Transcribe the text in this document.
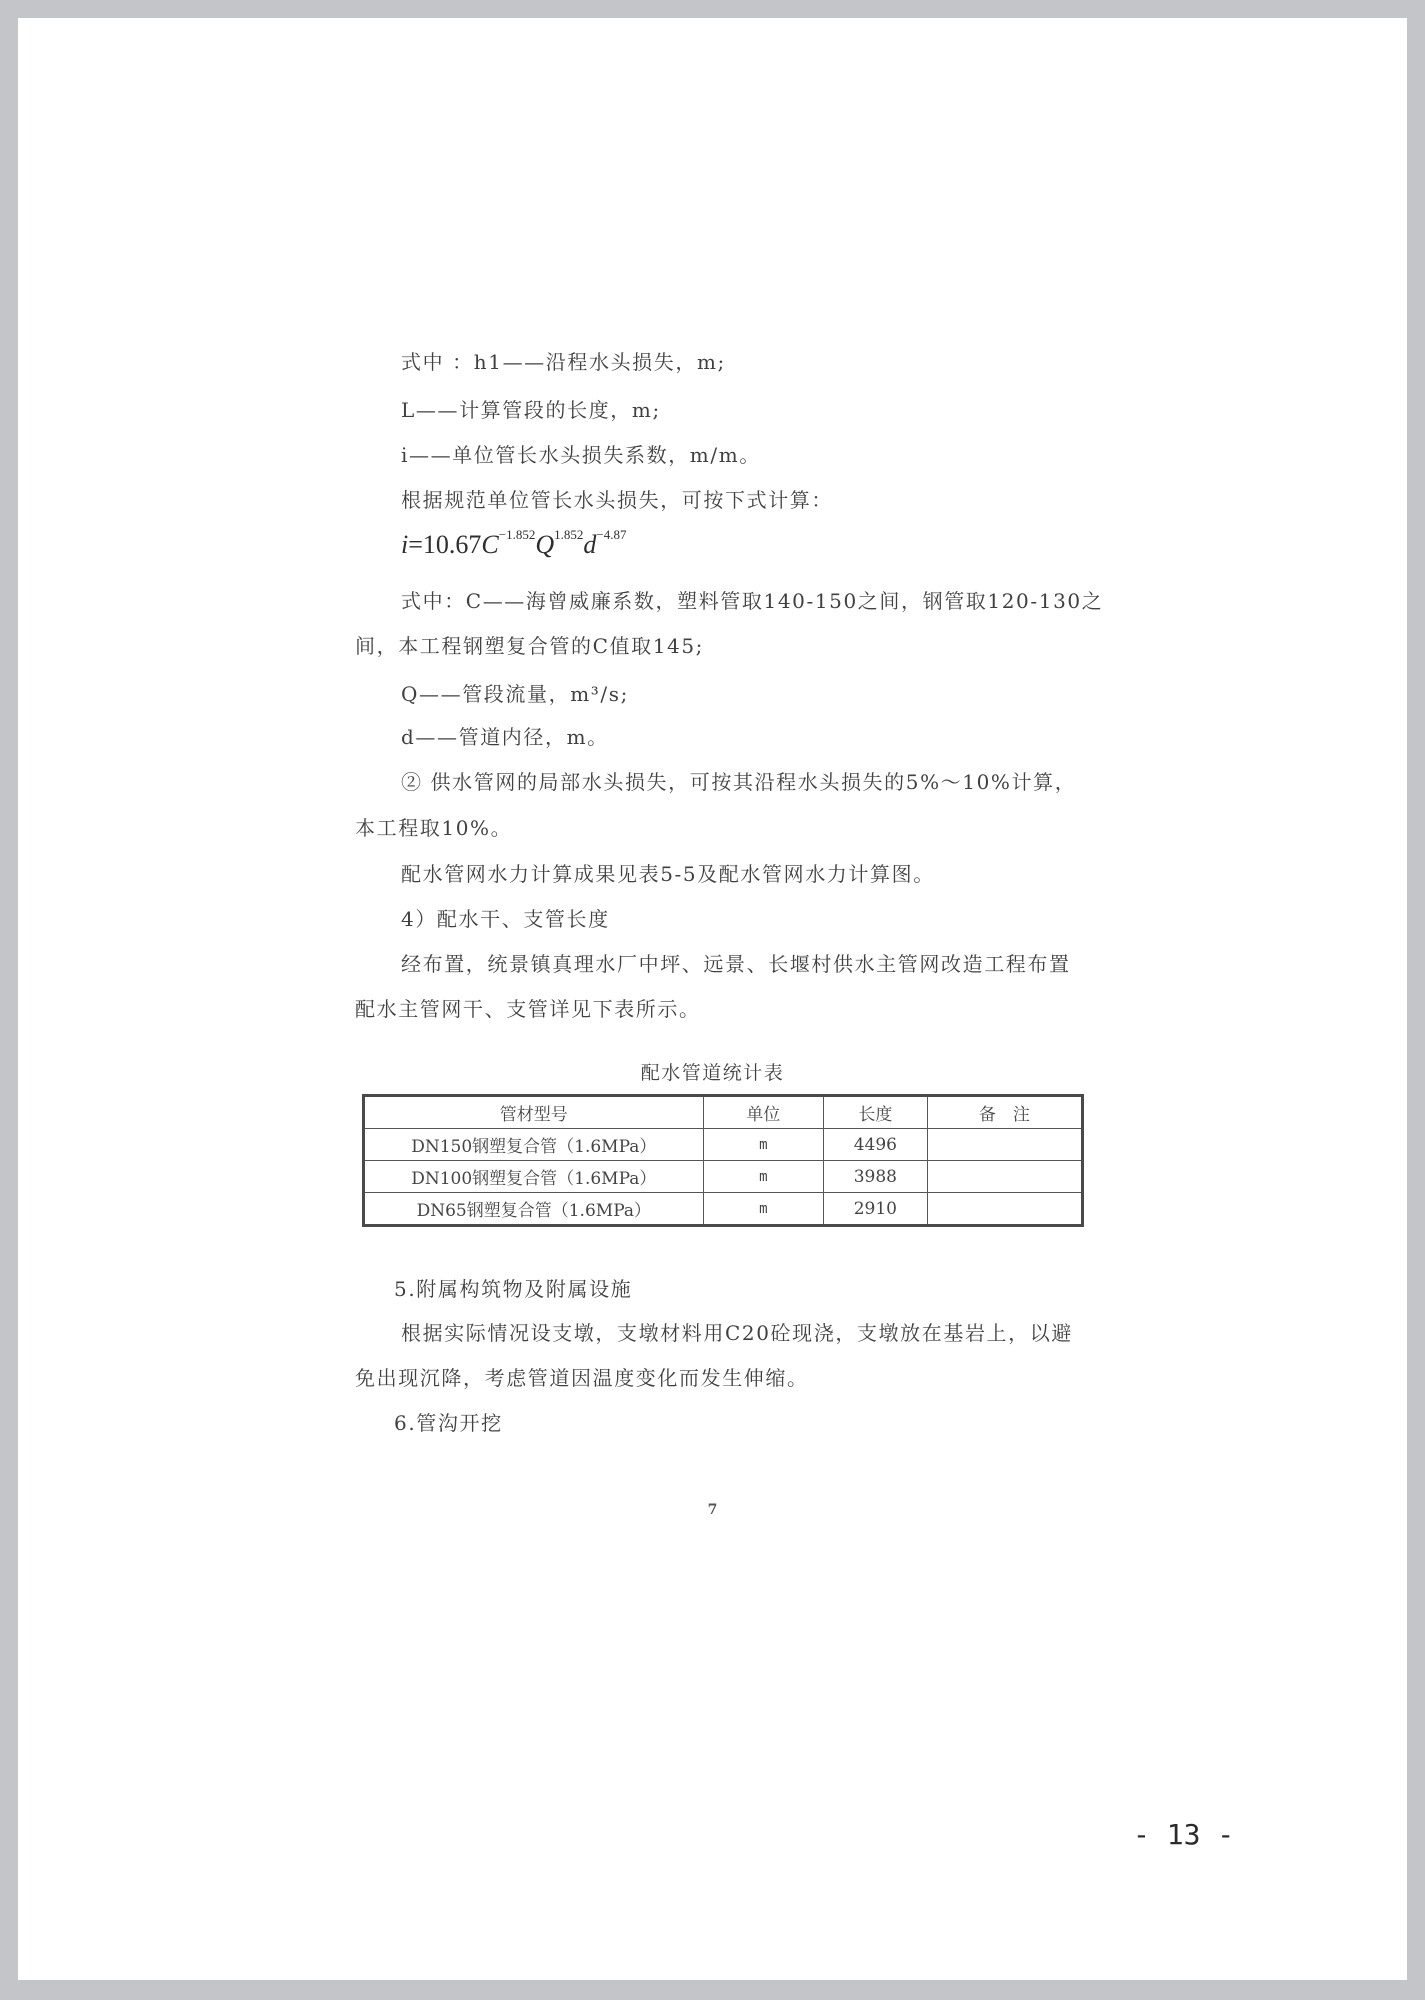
式中 ：h1——沿程水头损失，m;
L——计算管段的长度，m;
i——单位管长水头损失系数，m/m。
根据规范单位管长水头损失，可按下式计算：
$i=10.67C^{-1.852}Q^{1.852}d^{-4.87}$
式中：C——海曾威廉系数，塑料管取140-150之间，钢管取120-130之
间，本工程钢塑复合管的C值取145;
Q——管段流量，m³/s;
d——管道内径，m。
② 供水管网的局部水头损失，可按其沿程水头损失的5%～10%计算，
本工程取10%。
配水管网水力计算成果见表5-5及配水管网水力计算图。
4）配水干、支管长度
经布置，统景镇真理水厂中坪、远景、长堰村供水主管网改造工程布置
配水主管网干、支管详见下表所示。
配水管道统计表
管材型号	单位	长度	备　注
DN150钢塑复合管（1.6MPa）	m	4496	
DN100钢塑复合管（1.6MPa）	m	3988	
DN65钢塑复合管（1.6MPa）	m	2910	
5.附属构筑物及附属设施
根据实际情况设支墩，支墩材料用C20砼现浇，支墩放在基岩上，以避
免出现沉降，考虑管道因温度变化而发生伸缩。
6.管沟开挖
7
- 13 -
